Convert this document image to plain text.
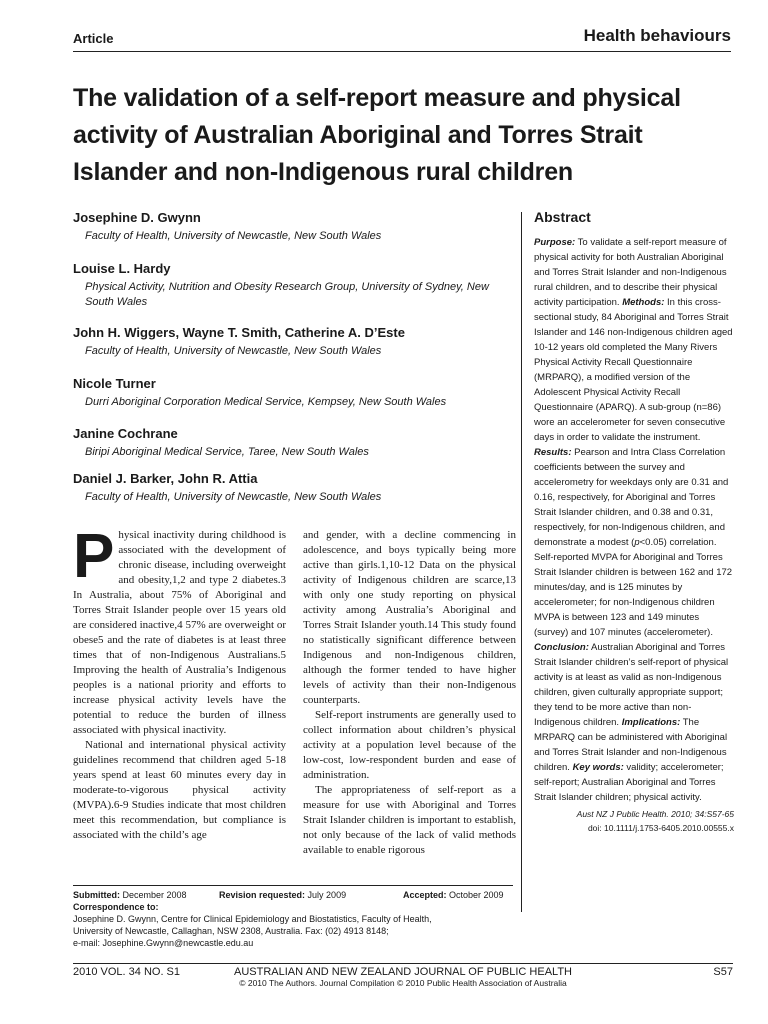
Article	Health behaviours
The validation of a self-report measure and physical activity of Australian Aboriginal and Torres Strait Islander and non-Indigenous rural children

Josephine D. Gwynn

Faculty of Health, University of Newcastle, New South Wales

Louise L. Hardy

Physical Activity, Nutrition and Obesity Research Group, University of Sydney, New South Wales

John H. Wiggers, Wayne T. Smith, Catherine A. D’Este

Faculty of Health, University of Newcastle, New South Wales

Nicole Turner

Durri Aboriginal Corporation Medical Service, Kempsey, New South Wales

Janine Cochrane

Biripi Aboriginal Medical Service, Taree, New South Wales

Daniel J. Barker, John R. Attia

Faculty of Health, University of Newcastle, New South Wales

Abstract

Purpose: To validate a self-report measure of physical activity for both Australian Aboriginal and Torres Strait Islander and non-Indigenous rural children, and to describe their physical activity participation. Methods: In this cross-sectional study, 84 Aboriginal and Torres Strait Islander and 146 non-Indigenous children aged 10-12 years old completed the Many Rivers Physical Activity Recall Questionnaire (MRPARQ), a modified version of the Adolescent Physical Activity Recall Questionnaire (APARQ). A sub-group (n=86) wore an accelerometer for seven consecutive days in order to validate the instrument. Results: Pearson and Intra Class Correlation coefficients between the survey and accelerometry for weekdays only are 0.31 and 0.16, respectively, for Aboriginal and Torres Strait Islander children, and 0.38 and 0.31, respectively, for non-Indigenous children, and demonstrate a modest (p<0.05) correlation. Self-reported MVPA for Aboriginal and Torres Strait Islander children is between 162 and 172 minutes/day, and is 125 minutes by accelerometer; for non-Indigenous children MVPA is between 123 and 149 minutes (survey) and 107 minutes (accelerometer). Conclusion: Australian Aboriginal and Torres Strait Islander children’s self-report of physical activity is at least as valid as non-Indigenous children, given culturally appropriate support; they tend to be more active than non-Indigenous children. Implications: The MRPARQ can be administered with Aboriginal and Torres Strait Islander and non-Indigenous children. Key words: validity; accelerometer; self-report; Australian Aboriginal and Torres Strait Islander children; physical activity.

Aust NZ J Public Health. 2010; 34:S57-65
doi: 10.1111/j.1753-6405.2010.00555.x
P hysical inactivity during childhood is associated with the development of chronic disease, including overweight and obesity,1,2 and type 2 diabetes.3 In Australia, about 75% of Aboriginal and Torres Strait Islander people over 15 years old are considered inactive,4 57% are overweight or obese5 and the rate of diabetes is at least three times that of non-Indigenous Australians.5 Improving the health of Australia’s Indigenous peoples is a national priority and efforts to increase physical activity levels have the potential to reduce the burden of illness associated with physical inactivity.

National and international physical activity guidelines recommend that children aged 5-18 years spend at least 60 minutes every day in moderate-to-vigorous physical activity (MVPA).6-9 Studies indicate that most children meet this recommendation, but compliance is associated with the child’s age

and gender, with a decline commencing in adolescence, and boys typically being more active than girls.1,10-12 Data on the physical activity of Indigenous children are scarce,13 with only one study reporting on physical activity among Australia’s Aboriginal and Torres Strait Islander youth.14 This study found no statistically significant difference between Indigenous and non-Indigenous children, although the former tended to have higher levels of activity than their non-Indigenous counterparts.

Self-report instruments are generally used to collect information about children’s physical activity at a population level because of the low-cost, low-respondent burden and ease of administration.

The appropriateness of self-report as a measure for use with Aboriginal and Torres Strait Islander children is important to establish, not only because of the lack of valid methods available to enable rigorous

Submitted: December 2008	Revision requested: July 2009	Accepted: October 2009
Correspondence to:
Josephine D. Gwynn, Centre for Clinical Epidemiology and Biostatistics, Faculty of Health,
University of Newcastle, Callaghan, NSW 2308, Australia. Fax: (02) 4913 8148;
e-mail: Josephine.Gwynn@newcastle.edu.au
2010 VOL. 34 NO. S1	AUSTRALIAN AND NEW ZEALAND JOURNAL OF PUBLIC HEALTH	S57
© 2010 The Authors. Journal Compilation © 2010 Public Health Association of Australia
